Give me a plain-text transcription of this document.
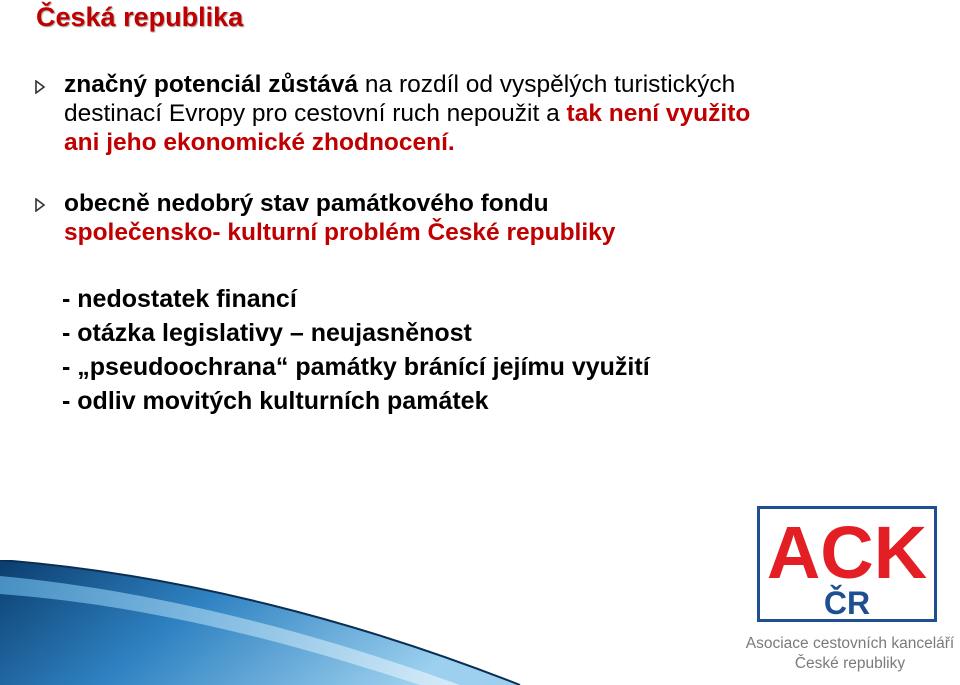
Česká republika
značný potenciál zůstává na rozdíl od vyspělých turistických
destinací Evropy pro cestovní ruch nepoužit a tak není využito
ani jeho ekonomické zhodnocení.
obecně nedobrý stav památkového fondu
společensko- kulturní problém České republiky
- nedostatek financí
- otázka legislativy – neujasněnost
- „pseudoochrana“ památky bránící jejímu využití
- odliv movitých kulturních památek
ACK
ČR
Asociace cestovních kanceláří
České republiky
